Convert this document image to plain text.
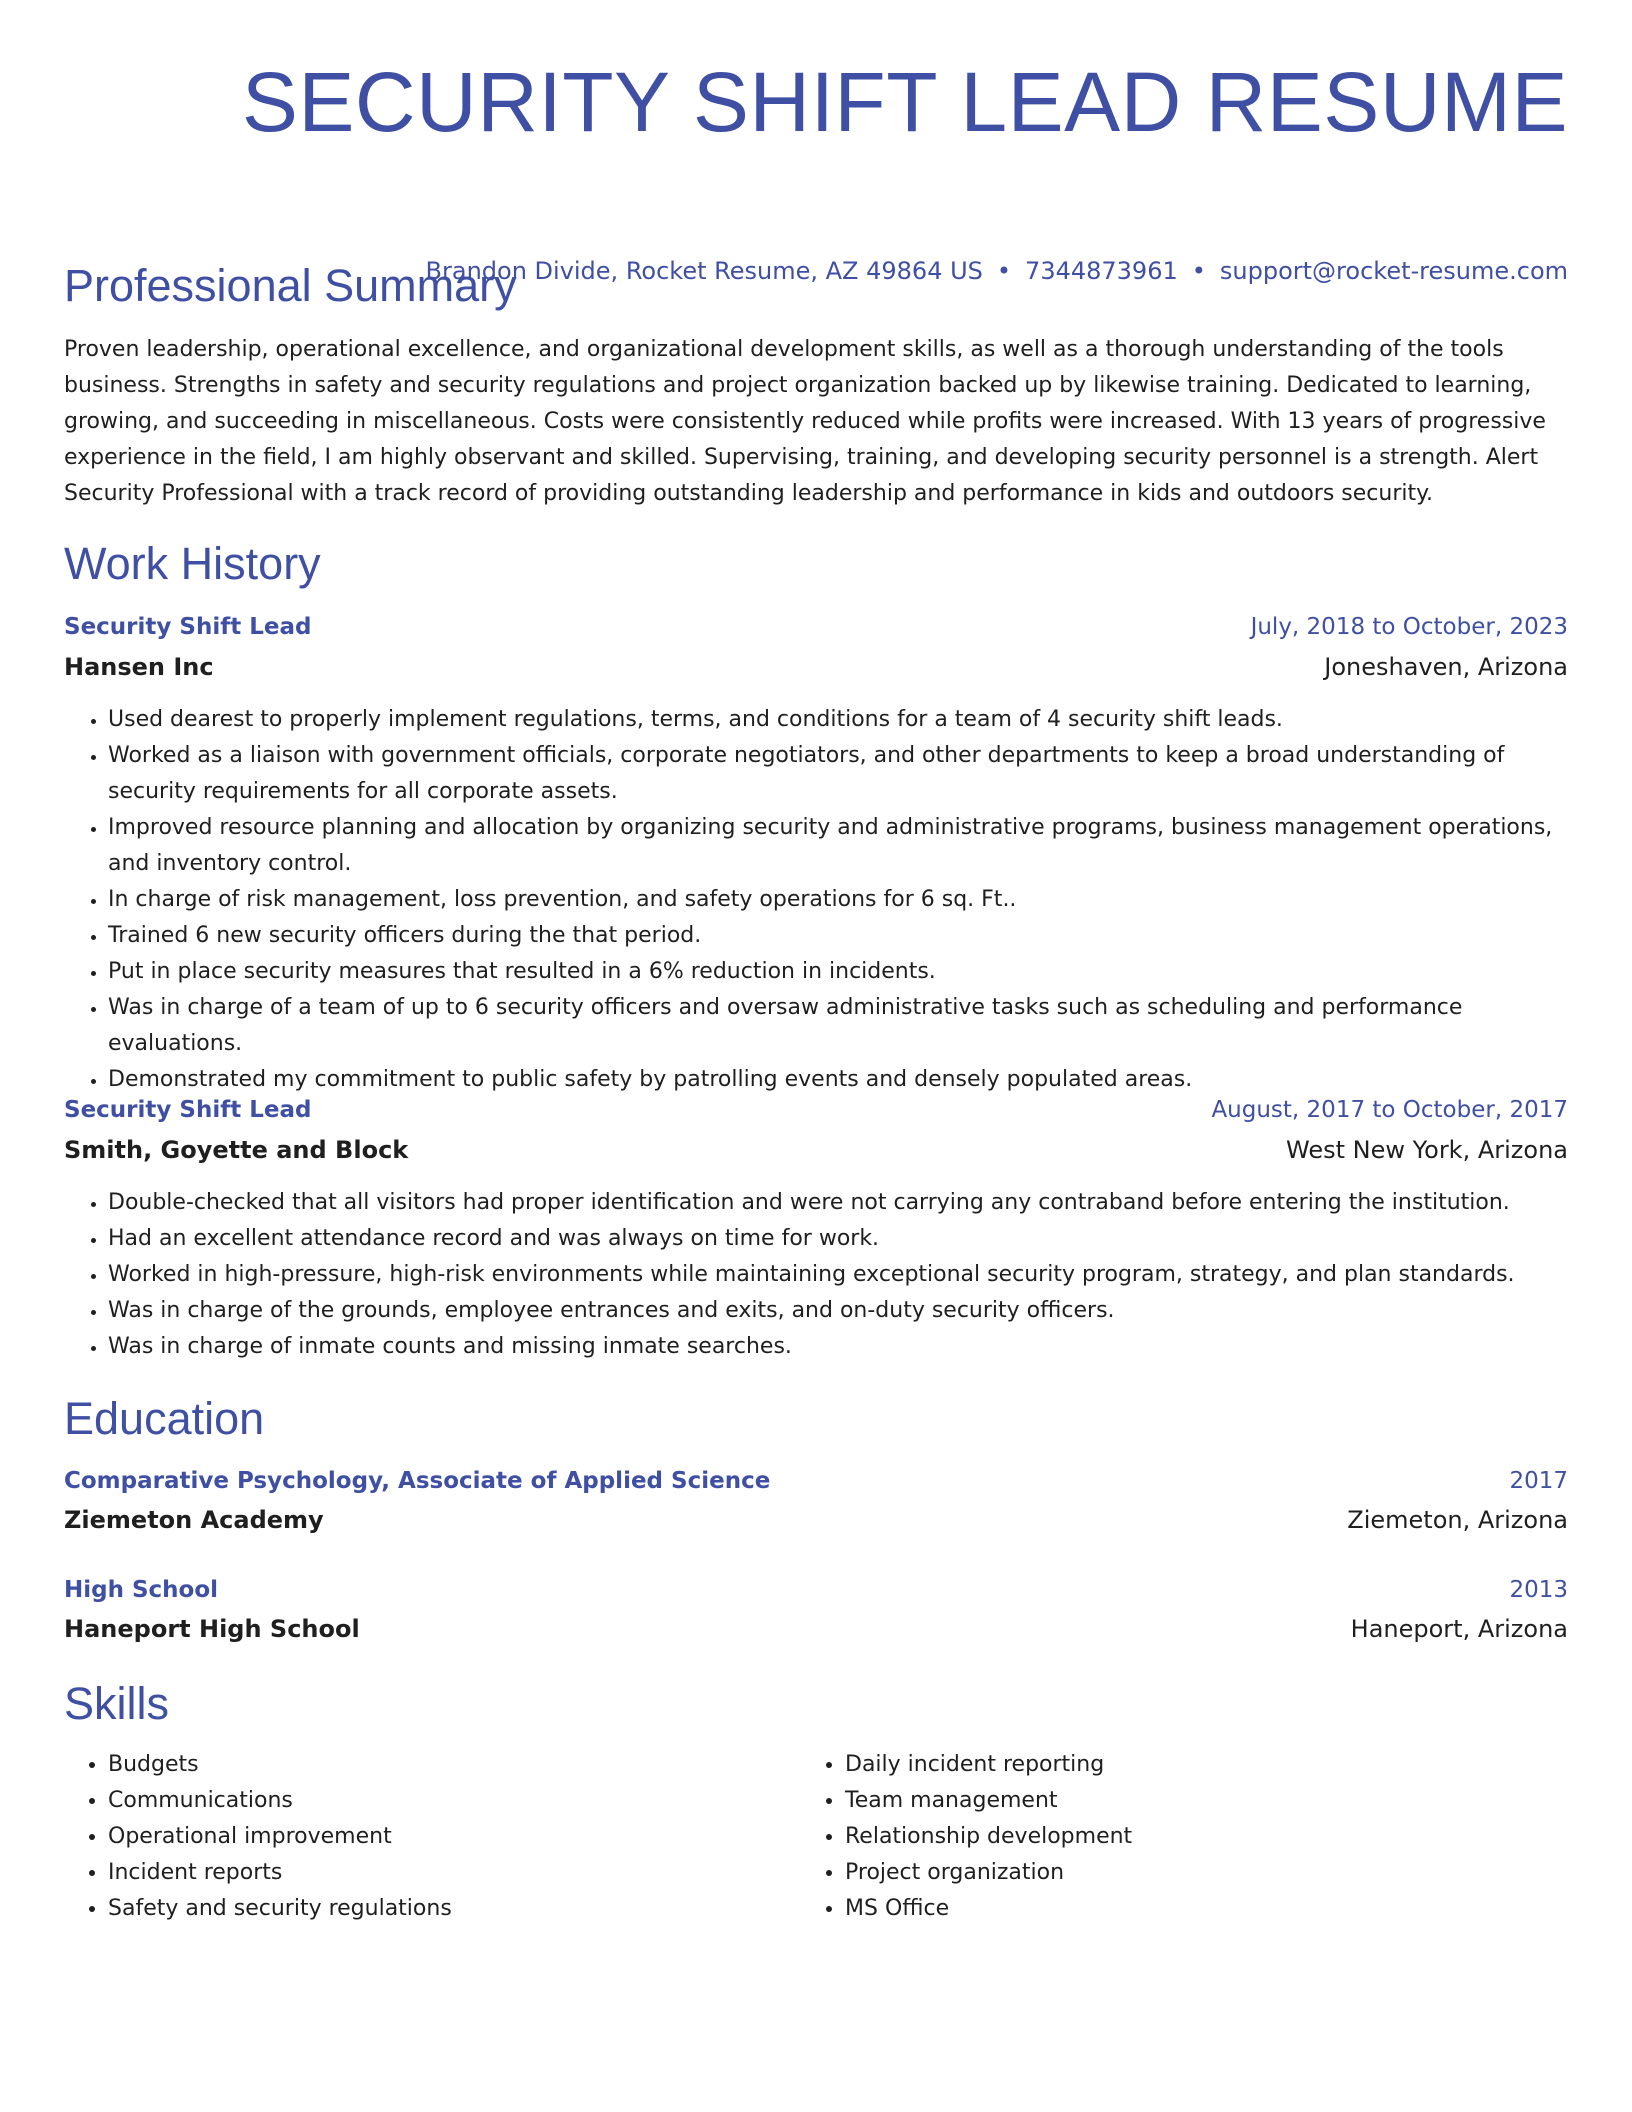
SECURITY SHIFT LEAD RESUME
Brandon Divide, Rocket Resume, AZ 49864 US • 7344873961 • support@rocket-resume.com
Professional Summary

Proven leadership, operational excellence, and organizational development skills, as well as a thorough understanding of the tools business. Strengths in safety and security regulations and project organization backed up by likewise training. Dedicated to learning, growing, and succeeding in miscellaneous. Costs were consistently reduced while profits were increased. With 13 years of progressive experience in the field, I am highly observant and skilled. Supervising, training, and developing security personnel is a strength. Alert Security Professional with a track record of providing outstanding leadership and performance in kids and outdoors security.

Work History
Security Shift Lead	July, 2018 to October, 2023
Hansen Inc	Joneshaven, Arizona
• Used dearest to properly implement regulations, terms, and conditions for a team of 4 security shift leads.
• Worked as a liaison with government officials, corporate negotiators, and other departments to keep a broad understanding of security requirements for all corporate assets.
• Improved resource planning and allocation by organizing security and administrative programs, business management operations, and inventory control.
• In charge of risk management, loss prevention, and safety operations for 6 sq. Ft..
• Trained 6 new security officers during the that period.
• Put in place security measures that resulted in a 6% reduction in incidents.
• Was in charge of a team of up to 6 security officers and oversaw administrative tasks such as scheduling and performance evaluations.
• Demonstrated my commitment to public safety by patrolling events and densely populated areas.
Security Shift Lead	August, 2017 to October, 2017
Smith, Goyette and Block	West New York, Arizona
• Double-checked that all visitors had proper identification and were not carrying any contraband before entering the institution.
• Had an excellent attendance record and was always on time for work.
• Worked in high-pressure, high-risk environments while maintaining exceptional security program, strategy, and plan standards.
• Was in charge of the grounds, employee entrances and exits, and on-duty security officers.
• Was in charge of inmate counts and missing inmate searches.
Education
Comparative Psychology, Associate of Applied Science	2017
Ziemeton Academy	Ziemeton, Arizona
High School	2013
Haneport High School	Haneport, Arizona
Skills
• Budgets
• Communications
• Operational improvement
• Incident reports
• Safety and security regulations
• Daily incident reporting
• Team management
• Relationship development
• Project organization
• MS Office
